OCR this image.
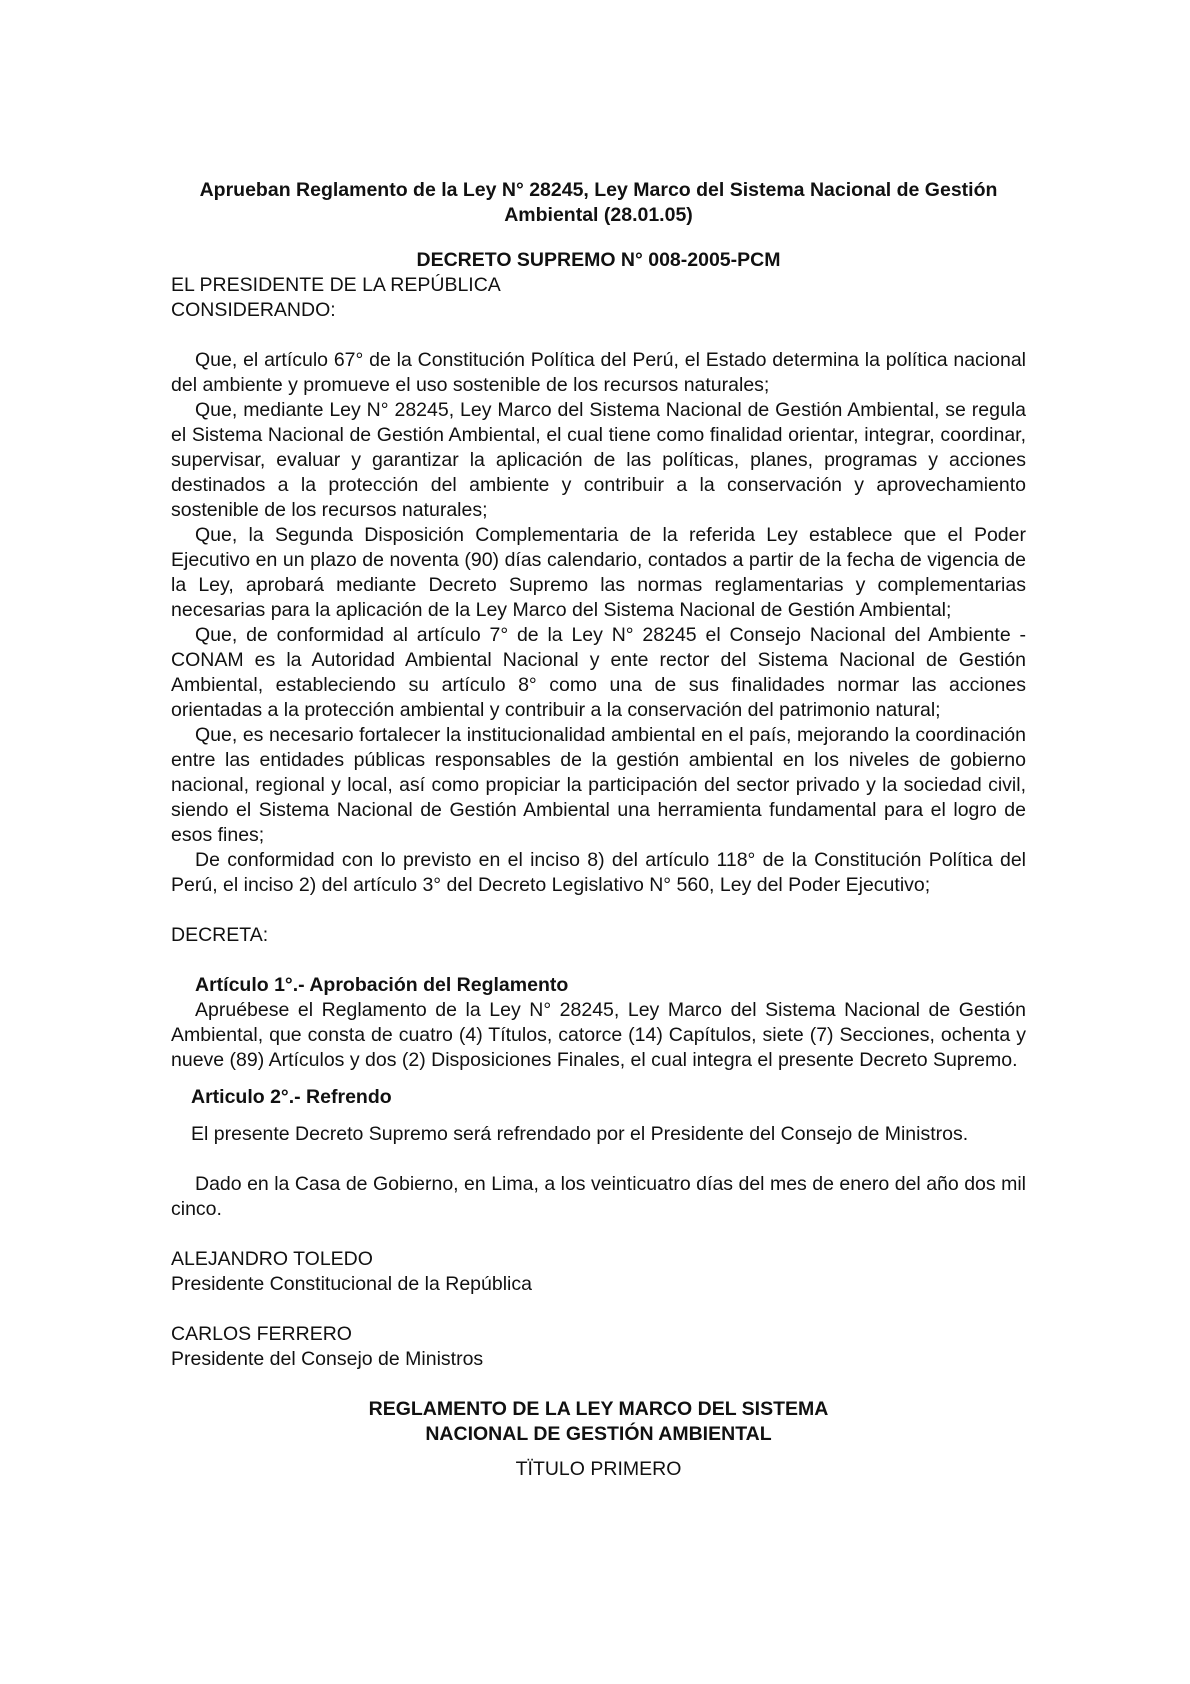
Aprueban Reglamento de la Ley N° 28245, Ley Marco del Sistema Nacional de Gestión Ambiental (28.01.05)

DECRETO SUPREMO N° 008-2005-PCM

EL PRESIDENTE DE LA REPÚBLICA

CONSIDERANDO:

Que, el artículo 67° de la Constitución Política del Perú, el Estado determina la política nacional del ambiente y promueve el uso sostenible de los recursos naturales;

Que, mediante Ley N° 28245, Ley Marco del Sistema Nacional de Gestión Ambiental, se regula el Sistema Nacional de Gestión Ambiental, el cual tiene como finalidad orientar, integrar, coordinar, supervisar, evaluar y garantizar la aplicación de las políticas, planes, programas y acciones destinados a la protección del ambiente y contribuir a la conservación y aprovechamiento sostenible de los recursos naturales;

Que, la Segunda Disposición Complementaria de la referida Ley establece que el Poder Ejecutivo en un plazo de noventa (90) días calendario, contados a partir de la fecha de vigencia de la Ley, aprobará mediante Decreto Supremo las normas reglamentarias y complementarias necesarias para la aplicación de la Ley Marco del Sistema Nacional de Gestión Ambiental;

Que, de conformidad al artículo 7° de la Ley N° 28245 el Consejo Nacional del Ambiente - CONAM es la Autoridad Ambiental Nacional y ente rector del Sistema Nacional de Gestión Ambiental, estableciendo su artículo 8° como una de sus finalidades normar las acciones orientadas a la protección ambiental y contribuir a la conservación del patrimonio natural;

Que, es necesario fortalecer la institucionalidad ambiental en el país, mejorando la coordinación entre las entidades públicas responsables de la gestión ambiental en los niveles de gobierno nacional, regional y local, así como propiciar la participación del sector privado y la sociedad civil, siendo el Sistema Nacional de Gestión Ambiental una herramienta fundamental para el logro de esos fines;

De conformidad con lo previsto en el inciso 8) del artículo 118° de la Constitución Política del Perú, el inciso 2) del artículo 3° del Decreto Legislativo N° 560, Ley del Poder Ejecutivo;

DECRETA:

Artículo 1°.- Aprobación del Reglamento

Apruébese el Reglamento de la Ley N° 28245, Ley Marco del Sistema Nacional de Gestión Ambiental, que consta de cuatro (4) Títulos, catorce (14) Capítulos, siete (7) Secciones, ochenta y nueve (89) Artículos y dos (2) Disposiciones Finales, el cual integra el presente Decreto Supremo.

Articulo 2°.- Refrendo

El presente Decreto Supremo será refrendado por el Presidente del Consejo de Ministros.

Dado en la Casa de Gobierno, en Lima, a los veinticuatro días del mes de enero del año dos mil cinco.

ALEJANDRO TOLEDO

Presidente Constitucional de la República

CARLOS FERRERO

Presidente del Consejo de Ministros

REGLAMENTO DE LA LEY MARCO DEL SISTEMA

NACIONAL DE GESTIÓN AMBIENTAL

TÏTULO PRIMERO
